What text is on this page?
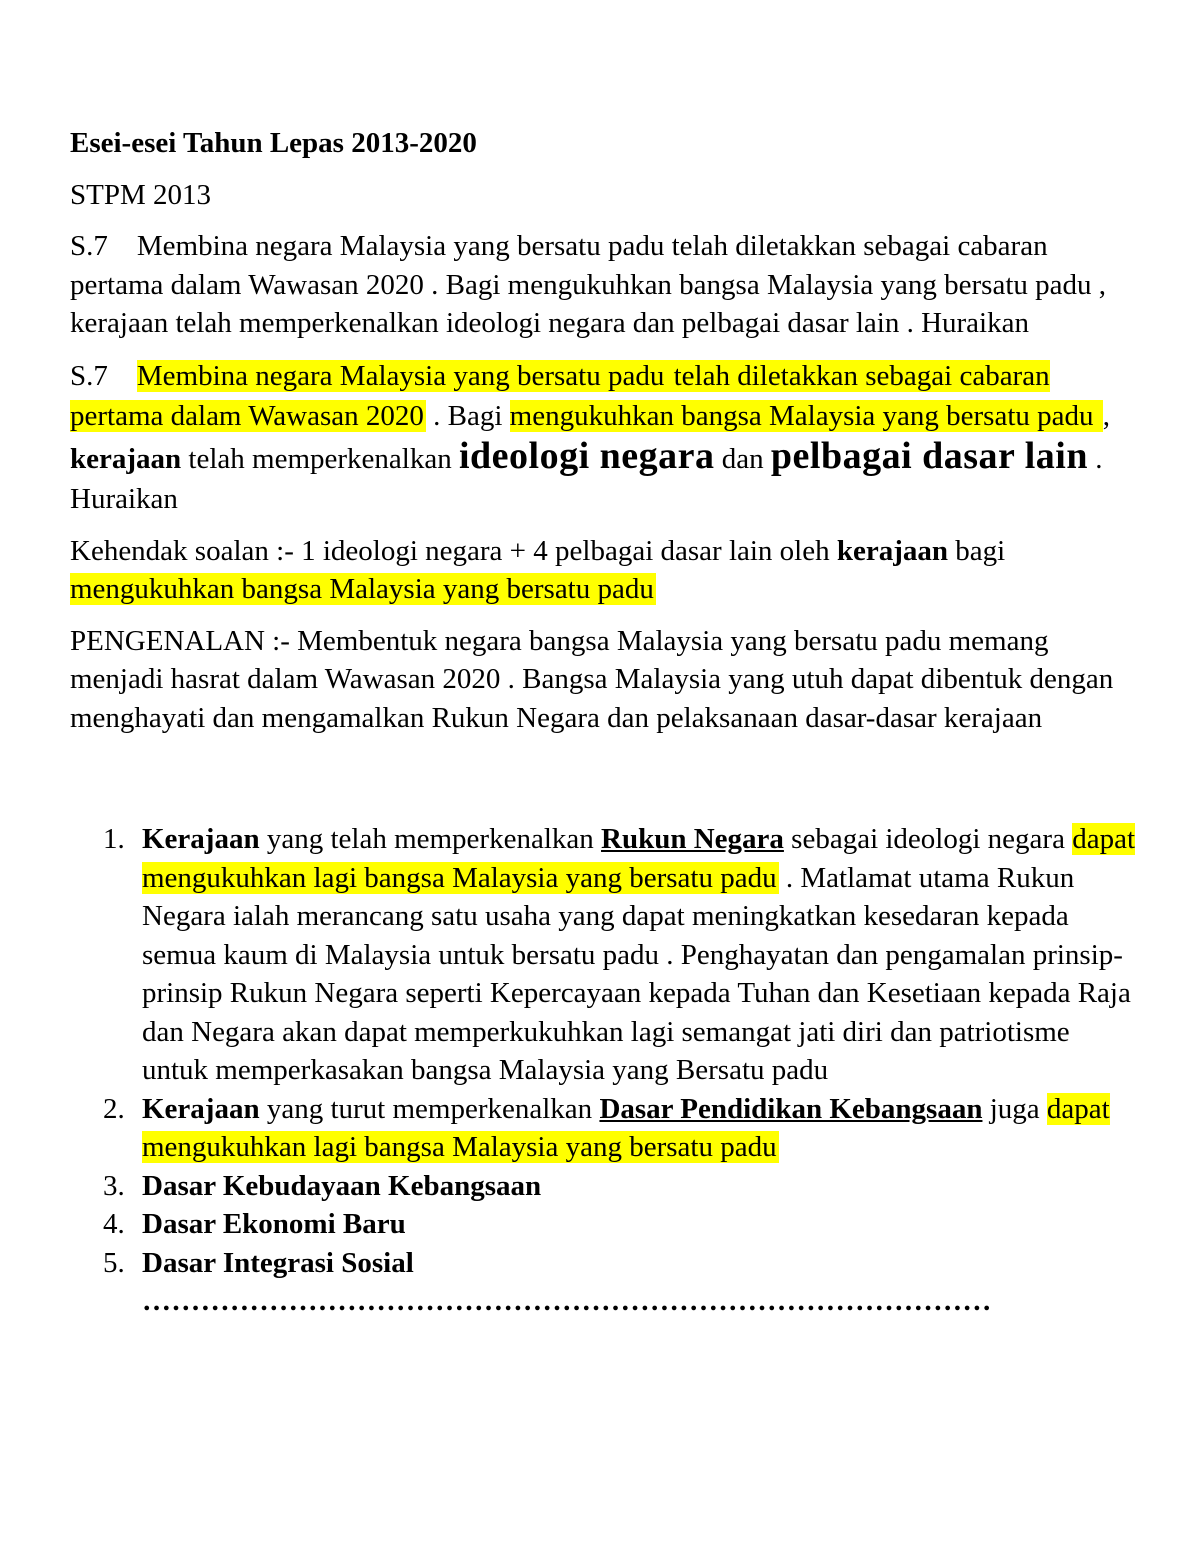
Esei-esei Tahun Lepas 2013-2020

STPM 2013

S.7 Membina negara Malaysia yang bersatu padu telah diletakkan sebagai cabaran pertama dalam Wawasan 2020 . Bagi mengukuhkan bangsa Malaysia yang bersatu padu , kerajaan telah memperkenalkan ideologi negara dan pelbagai dasar lain . Huraikan

S.7 Membina negara Malaysia yang bersatu padu telah diletakkan sebagai cabaran pertama dalam Wawasan 2020 . Bagi mengukuhkan bangsa Malaysia yang bersatu padu , kerajaan telah memperkenalkan ideologi negara dan pelbagai dasar lain . Huraikan

Kehendak soalan :- 1 ideologi negara + 4 pelbagai dasar lain oleh kerajaan bagi mengukuhkan bangsa Malaysia yang bersatu padu

PENGENALAN :- Membentuk negara bangsa Malaysia yang bersatu padu memang menjadi hasrat dalam Wawasan 2020 . Bangsa Malaysia yang utuh dapat dibentuk dengan menghayati dan mengamalkan Rukun Negara dan pelaksanaan dasar-dasar kerajaan

1. Kerajaan yang telah memperkenalkan Rukun Negara sebagai ideologi negara dapat mengukuhkan lagi bangsa Malaysia yang bersatu padu . Matlamat utama Rukun Negara ialah merancang satu usaha yang dapat meningkatkan kesedaran kepada semua kaum di Malaysia untuk bersatu padu . Penghayatan dan pengamalan prinsip-prinsip Rukun Negara seperti Kepercayaan kepada Tuhan dan Kesetiaan kepada Raja dan Negara akan dapat memperkukuhkan lagi semangat jati diri dan patriotisme untuk memperkasakan bangsa Malaysia yang Bersatu padu
2. Kerajaan yang turut memperkenalkan Dasar Pendidikan Kebangsaan juga dapat mengukuhkan lagi bangsa Malaysia yang bersatu padu
3. Dasar Kebudayaan Kebangsaan
4. Dasar Ekonomi Baru
5. Dasar Integrasi Sosial
……………………………………………………………………………
